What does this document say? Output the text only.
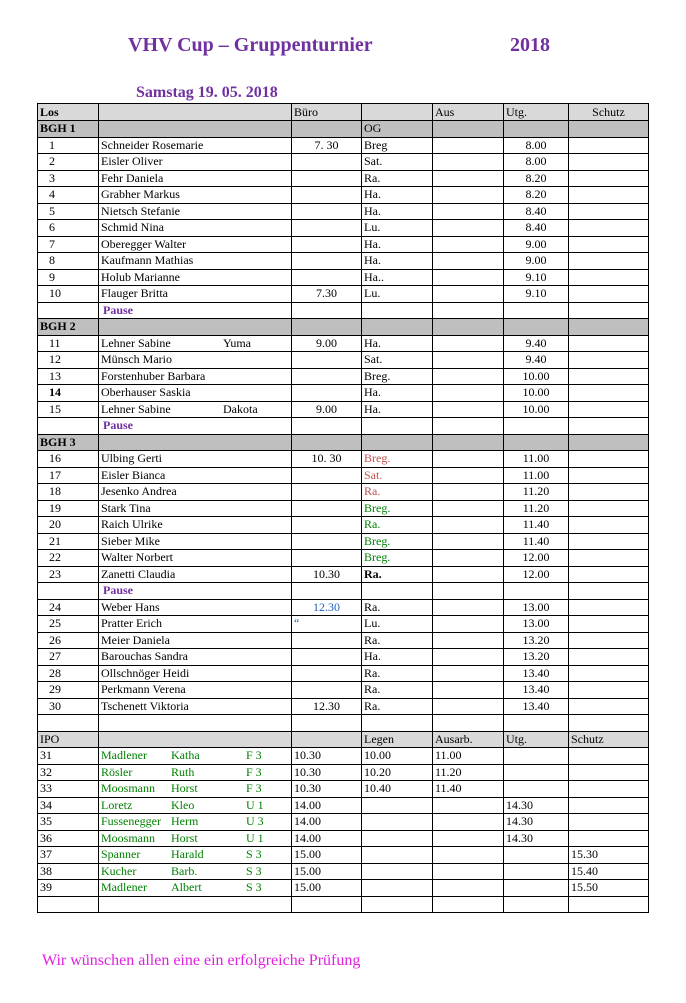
VHV Cup – Gruppenturnier	2018
Samstag 19. 05. 2018
Los		Büro		Aus	Utg.	Schutz
BGH 1			OG			
1	Schneider Rosemarie	7. 30	Breg		8.00	
2	Eisler Oliver		Sat.		8.00	
3	Fehr Daniela		Ra.		8.20	
4	Grabher Markus		Ha.		8.20	
5	Nietsch Stefanie		Ha.		8.40	
6	Schmid Nina		Lu.		8.40	
7	Oberegger Walter		Ha.		9.00	
8	Kaufmann Mathias		Ha.		9.00	
9	Holub Marianne		Ha..		9.10	
10	Flauger Britta	7.30	Lu.		9.10	
	Pause					
BGH 2						
11	Lehner Sabine Yuma	9.00	Ha.		9.40	
12	Münsch Mario		Sat.		9.40	
13	Forstenhuber Barbara		Breg.		10.00	
14	Oberhauser Saskia		Ha.		10.00	
15	Lehner Sabine Dakota	9.00	Ha.		10.00	
	Pause					
BGH 3						
16	Ulbing Gerti	10. 30	Breg.		11.00	
17	Eisler Bianca		Sat.		11.00	
18	Jesenko Andrea		Ra.		11.20	
19	Stark Tina		Breg.		11.20	
20	Raich Ulrike		Ra.		11.40	
21	Sieber Mike		Breg.		11.40	
22	Walter Norbert		Breg.		12.00	
23	Zanetti Claudia	10.30	Ra.		12.00	
	Pause					
24	Weber Hans	12.30	Ra.		13.00	
25	Pratter Erich	“	Lu.		13.00	
26	Meier Daniela		Ra.		13.20	
27	Barouchas Sandra		Ha.		13.20	
28	Ollschnöger Heidi		Ra.		13.40	
29	Perkmann Verena		Ra.		13.40	
30	Tschenett Viktoria	12.30	Ra.		13.40	

IPO			Legen	Ausarb.	Utg.	Schutz
31	Madlener Katha F 3	10.30	10.00	11.00		
32	Rösler Ruth F 3	10.30	10.20	11.20		
33	Moosmann Horst F 3	10.30	10.40	11.40		
34	Loretz Kleo U 1	14.00			14.30	
35	Fussenegger Herm U 3	14.00			14.30	
36	Moosmann Horst U 1	14.00			14.30	
37	Spanner Harald S 3	15.00				15.30
38	Kucher Barb. S 3	15.00				15.40
39	Madlener Albert S 3	15.00				15.50

Wir wünschen allen eine ein erfolgreiche Prüfung
